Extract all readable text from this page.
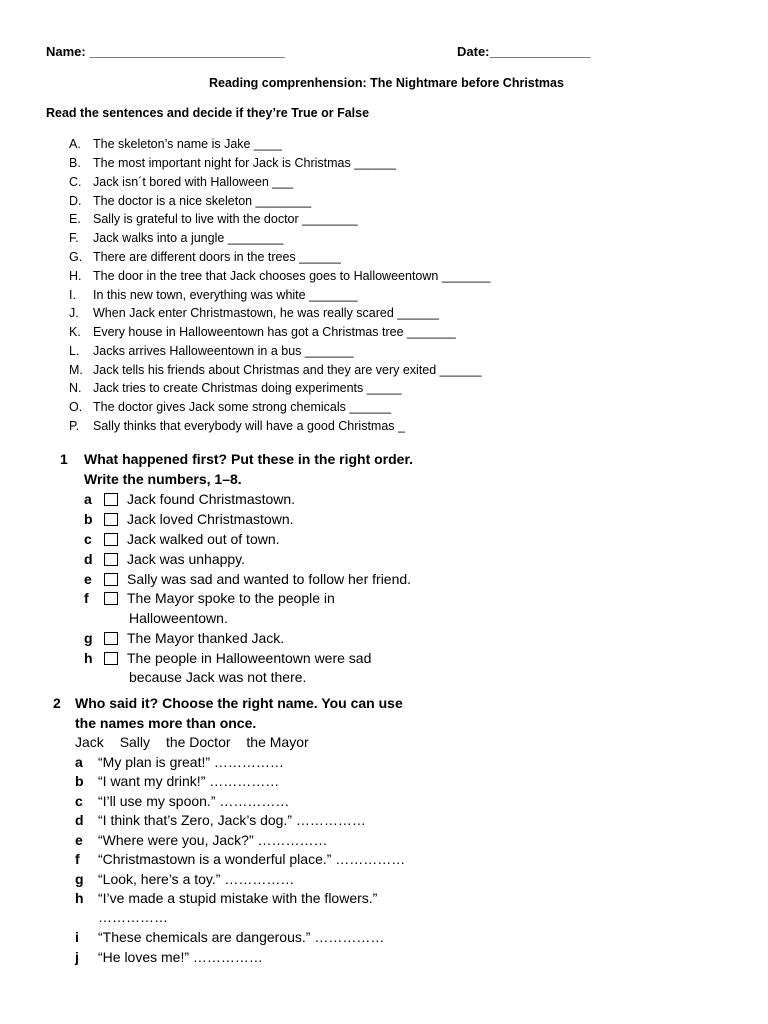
Name: ___________________________	Date:______________
Reading comprenhension: The Nightmare before Christmas
Read the sentences and decide if they’re True or False
A. The skeleton’s name is Jake ____
B. The most important night for Jack is Christmas ______
C. Jack isn´t bored with Halloween ___
D. The doctor is a nice skeleton ________
E. Sally is grateful to live with the doctor ________
F. Jack walks into a jungle ________
G. There are different doors in the trees ______
H. The door in the tree that Jack chooses goes to Halloweentown _______
I. In this new town, everything was white _______
J. When Jack enter Christmastown, he was really scared ______
K. Every house in Halloweentown has got a Christmas tree _______
L. Jacks arrives Halloweentown in a bus _______
M. Jack tells his friends about Christmas and they are very exited ______
N. Jack tries to create Christmas doing experiments _____
O. The doctor gives Jack some strong chemicals ______
P. Sally thinks that everybody will have a good Christmas _
1 What happened first? Put these in the right order.
Write the numbers, 1–8.
a	Jack found Christmastown.
b Jack loved Christmastown.
c	Jack walked out of town.
d Jack was unhappy.
e	Sally was sad and wanted to follow her friend.
f	The Mayor spoke to the people in
Halloweentown.
g The Mayor thanked Jack.
h The people in Halloweentown were sad
because Jack was not there.
2 Who said it? Choose the right name. You can use
the names more than once.
Jack Sally the Doctor the Mayor
a “My plan is great!” ……………
b “I want my drink!” ……………
c “I’ll use my spoon.” ……………
d “I think that’s Zero, Jack’s dog.” ……………
e “Where were you, Jack?” ……………
f “Christmastown is a wonderful place.” ……………
g “Look, here’s a toy.” ……………
h “I’ve made a stupid mistake with the flowers.”
……………
i “These chemicals are dangerous.” ……………
j “He loves me!” ……………
